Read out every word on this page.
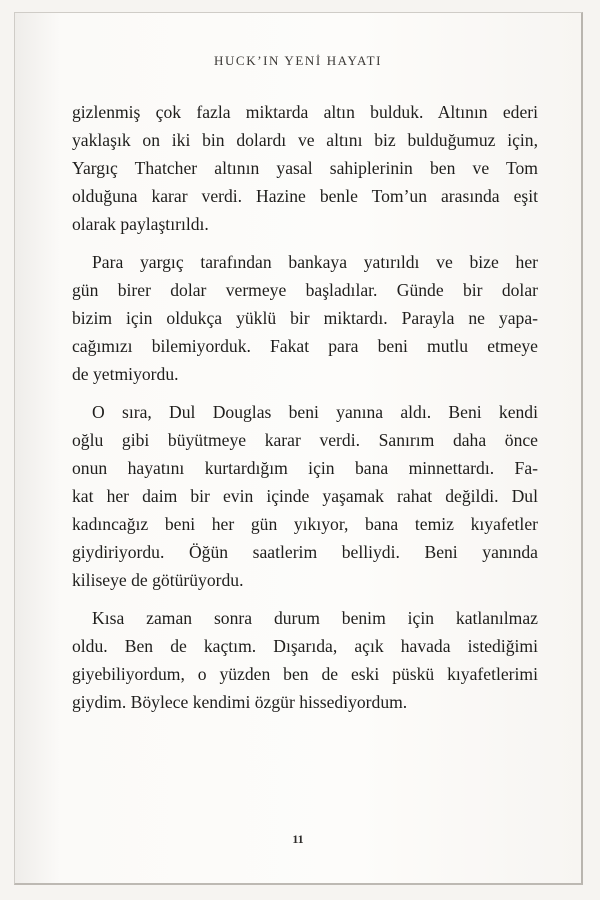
HUCK’IN YENİ HAYATI

gizlenmiş çok fazla miktarda altın bulduk. Altının ederi
yaklaşık on iki bin dolardı ve altını biz bulduğumuz için,
Yargıç Thatcher altının yasal sahiplerinin ben ve Tom
olduğuna karar verdi. Hazine benle Tom’un arasında eşit
olarak paylaştırıldı.

Para yargıç tarafından bankaya yatırıldı ve bize her
gün birer dolar vermeye başladılar. Günde bir dolar
bizim için oldukça yüklü bir miktardı. Parayla ne yapa-
cağımızı bilemiyorduk. Fakat para beni mutlu etmeye
de yetmiyordu.

O sıra, Dul Douglas beni yanına aldı. Beni kendi
oğlu gibi büyütmeye karar verdi. Sanırım daha önce
onun hayatını kurtardığım için bana minnettardı. Fa-
kat her daim bir evin içinde yaşamak rahat değildi. Dul
kadıncağız beni her gün yıkıyor, bana temiz kıyafetler
giydiriyordu. Öğün saatlerim belliydi. Beni yanında
kiliseye de götürüyordu.

Kısa zaman sonra durum benim için katlanılmaz
oldu. Ben de kaçtım. Dışarıda, açık havada istediğimi
giyebiliyordum, o yüzden ben de eski püskü kıyafetlerimi
giydim. Böylece kendimi özgür hissediyordum.

11
